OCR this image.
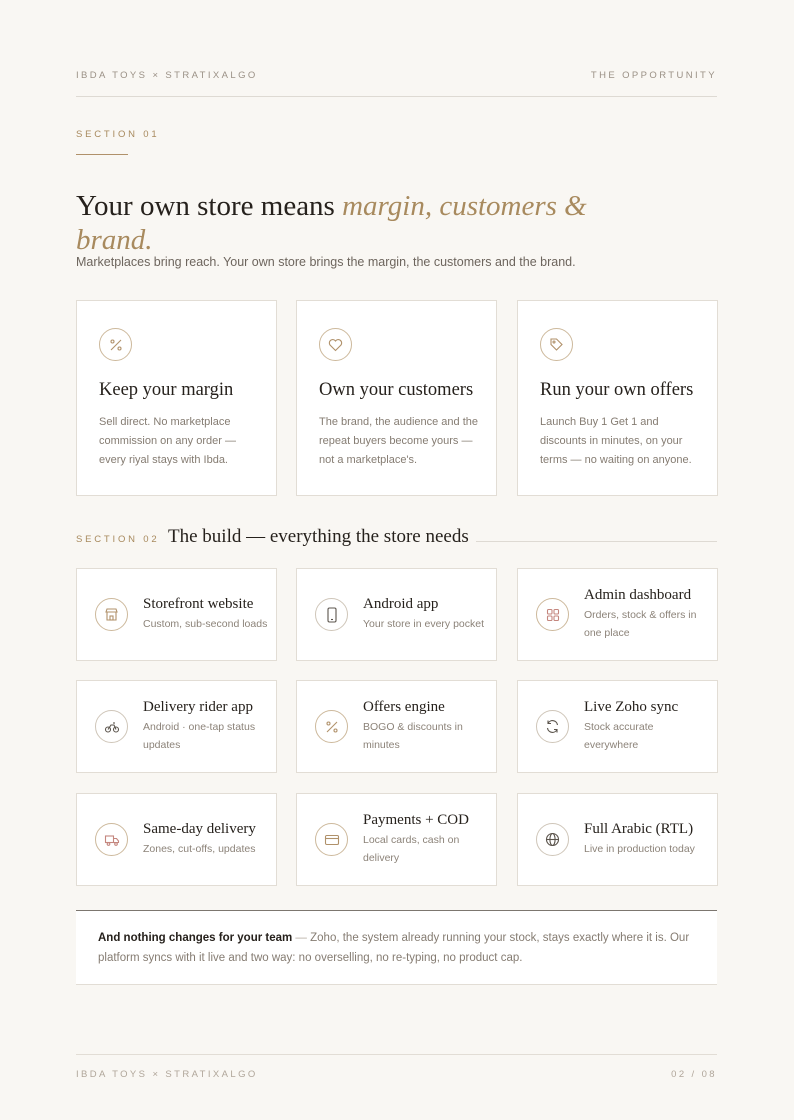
IBDA TOYS × STRATIXALGO	THE OPPORTUNITY
SECTION 01
Your own store means margin, customers & brand.
Marketplaces bring reach. Your own store brings the margin, the customers and the brand.
Keep your margin

Sell direct. No marketplace commission on any order — every riyal stays with Ibda.

Own your customers

The brand, the audience and the repeat buyers become yours — not a marketplace's.

Run your own offers

Launch Buy 1 Get 1 and discounts in minutes, on your terms — no waiting on anyone.

SECTION 02 The build — everything the store needs
Storefront website
Custom, sub-second loads
Android app
Your store in every pocket
Admin dashboard
Orders, stock & offers in one place
Delivery rider app
Android · one-tap status updates
Offers engine
BOGO & discounts in minutes
Live Zoho sync
Stock accurate everywhere
Same-day delivery
Zones, cut-offs, updates
Payments + COD
Local cards, cash on delivery
Full Arabic (RTL)
Live in production today
And nothing changes for your team — Zoho, the system already running your stock, stays exactly where it is. Our platform syncs with it live and two way: no overselling, no re-typing, no product cap.
IBDA TOYS × STRATIXALGO	02 / 08
